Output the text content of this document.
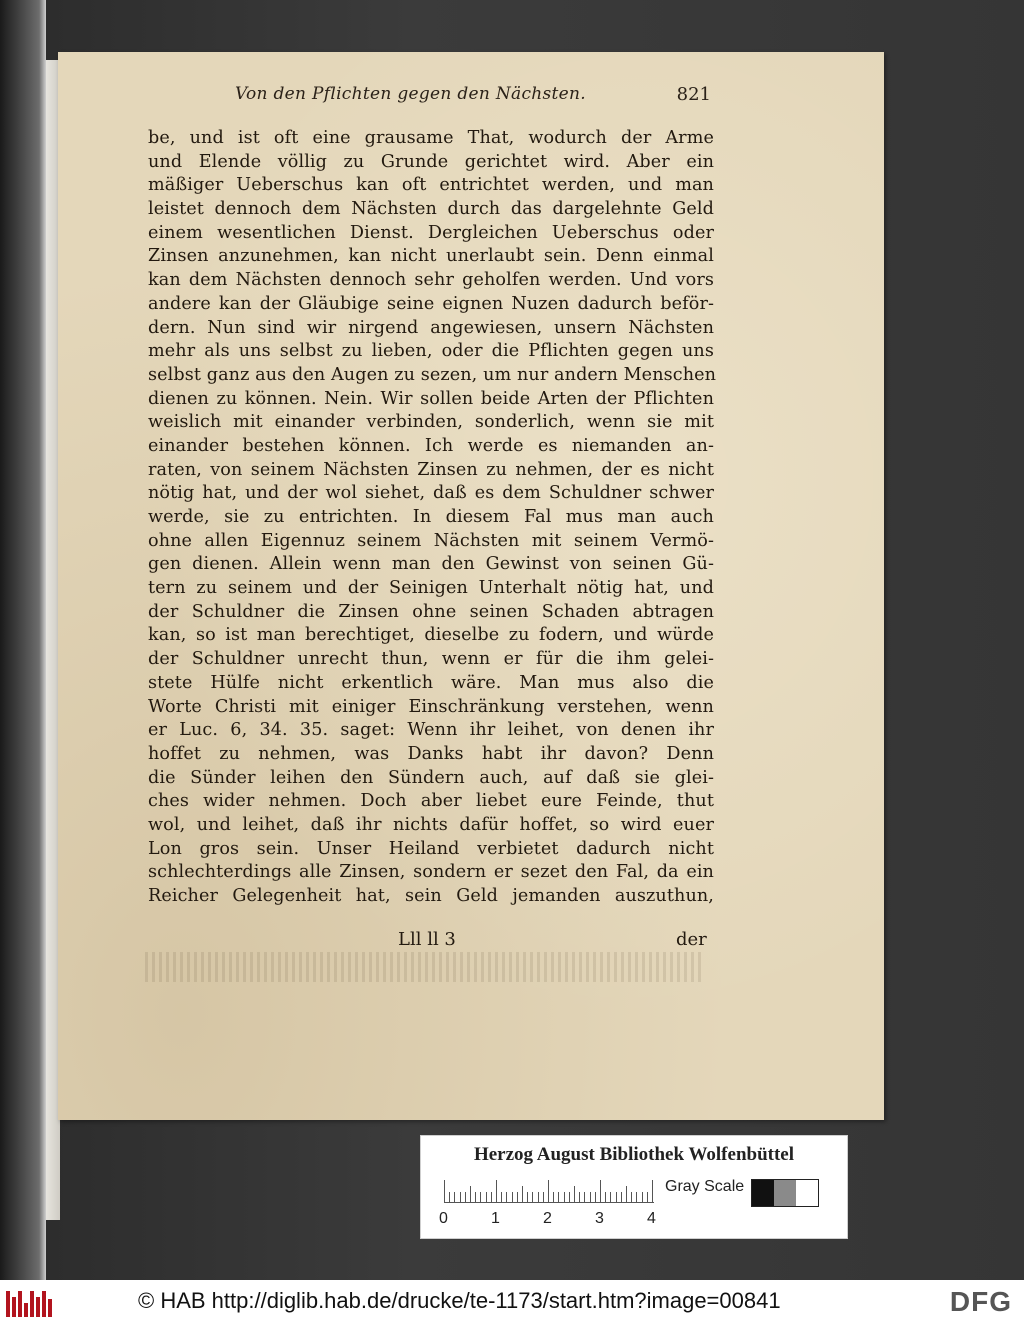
Von den Pflichten gegen den Nächsten.	821
be, und ist oft eine grausame That, wodurch der Arme
und Elende völlig zu Grunde gerichtet wird. Aber ein
mäßiger Ueberschus kan oft entrichtet werden, und man
leistet dennoch dem Nächsten durch das dargelehnte Geld
einem wesentlichen Dienst. Dergleichen Ueberschus oder
Zinsen anzunehmen, kan nicht unerlaubt sein. Denn einmal
kan dem Nächsten dennoch sehr geholfen werden. Und vors
andere kan der Gläubige seine eignen Nuzen dadurch beför-
dern. Nun sind wir nirgend angewiesen, unsern Nächsten
mehr als uns selbst zu lieben, oder die Pflichten gegen uns
selbst ganz aus den Augen zu sezen, um nur andern Menschen
dienen zu können. Nein. Wir sollen beide Arten der Pflichten
weislich mit einander verbinden, sonderlich, wenn sie mit
einander bestehen können. Ich werde es niemanden an-
raten, von seinem Nächsten Zinsen zu nehmen, der es nicht
nötig hat, und der wol siehet, daß es dem Schuldner schwer
werde, sie zu entrichten. In diesem Fal mus man auch
ohne allen Eigennuz seinem Nächsten mit seinem Vermö-
gen dienen. Allein wenn man den Gewinst von seinen Gü-
tern zu seinem und der Seinigen Unterhalt nötig hat, und
der Schuldner die Zinsen ohne seinen Schaden abtragen
kan, so ist man berechtiget, dieselbe zu fodern, und würde
der Schuldner unrecht thun, wenn er für die ihm gelei-
stete Hülfe nicht erkentlich wäre. Man mus also die
Worte Christi mit einiger Einschränkung verstehen, wenn
er Luc. 6, 34. 35. saget: Wenn ihr leihet, von denen ihr
hoffet zu nehmen, was Danks habt ihr davon? Denn
die Sünder leihen den Sündern auch, auf daß sie glei-
ches wider nehmen. Doch aber liebet eure Feinde, thut
wol, und leihet, daß ihr nichts dafür hoffet, so wird euer
Lon gros sein. Unser Heiland verbietet dadurch nicht
schlechterdings alle Zinsen, sondern er sezet den Fal, da ein
Reicher Gelegenheit hat, sein Geld jemanden auszuthun,
Lll ll 3	der
Herzog August Bibliothek Wolfenbüttel
0	1	2	3	4
Gray Scale
© HAB http://diglib.hab.de/drucke/te-1173/start.htm?image=00841	DFG
